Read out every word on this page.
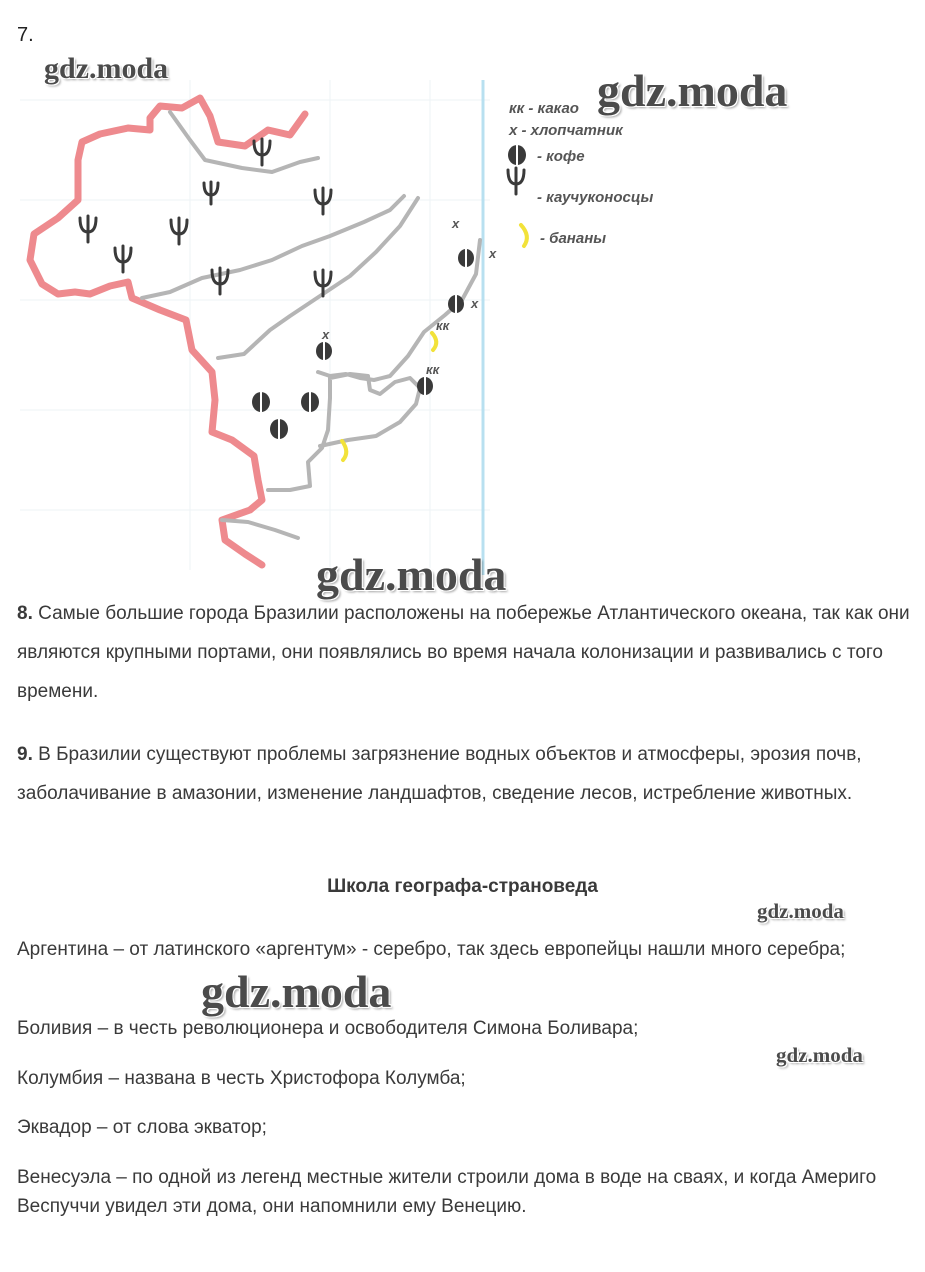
7.
х
х
х
х
кк
кк
кк - какао
х - хлопчатник
- кофе
- каучуконосцы
- бананы
8. Самые большие города Бразилии расположены на побережье Атлантического океана, так как они являются крупными портами, они появлялись во время начала колонизации и развивались с того времени.
9. В Бразилии существуют проблемы загрязнение водных объектов и атмосферы, эрозия почв, заболачивание в амазонии, изменение ландшафтов, сведение лесов, истребление животных.
Школа географа-страноведа
Аргентина – от латинского «аргентум» - серебро, так здесь европейцы нашли много серебра;
Боливия – в честь революционера и освободителя Симона Боливара;
Колумбия – названа в честь Христофора Колумба;
Эквадор – от слова экватор;
Венесуэла – по одной из легенд местные жители строили дома в воде на сваях, и когда Америго Веспуччи увидел эти дома, они напомнили ему Венецию.
gdz.moda	gdz.moda
gdz.moda
gdz.moda
gdz.moda
gdz.moda
